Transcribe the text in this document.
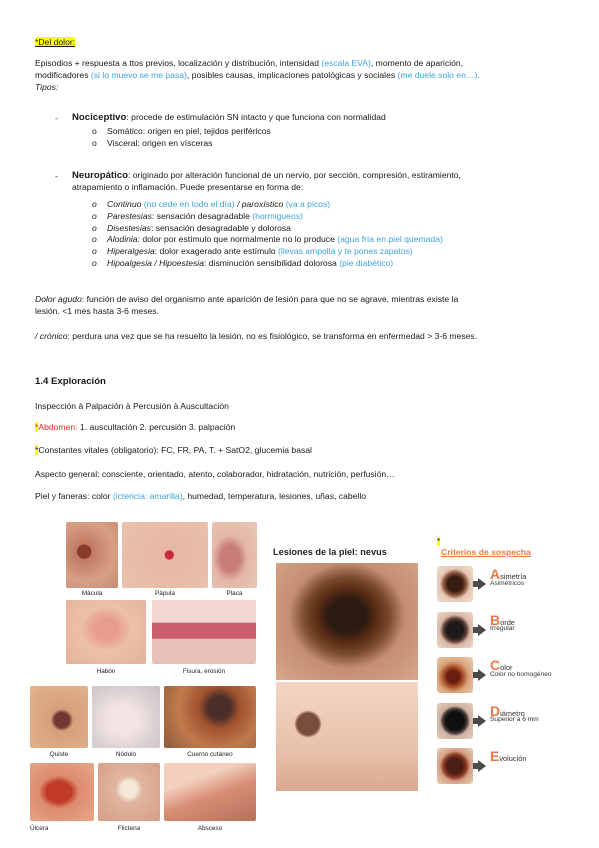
*Del dolor:
Episodios + respuesta a ttos previos, localización y distribución, intensidad (escala EVA), momento de aparición,
modificadores (si lo muevo se me pasa), posibles causas, implicaciones patológicas y sociales (me duele solo en…).
Tipos:
- Nociceptivo: procede de estimulación SN intacto y que funciona con normalidad
o Somático: origen en piel, tejidos periféricos
o Visceral: origen en vísceras
- Neuropático: originado por alteración funcional de un nervio, por sección, compresión, estiramiento,
atrapamiento o inflamación. Puede presentarse en forma de:
o Continuo (no cede en todo el día) / paroxístico (va a picos)
o Parestesias: sensación desagradable (hormigueos)
o Disestesias: sensación desagradable y dolorosa
o Alodinia: dolor por estímulo que normalmente no lo produce (agua fría en piel quemada)
o Hiperalgesia: dolor exagerado ante estímulo (llevas ampolla y te pones zapatos)
o Hipoalgesia / Hipoestesia: disminución sensibilidad dolorosa (pie diabético)
Dolor agudo: función de aviso del organismo ante aparición de lesión para que no se agrave, mientras existe la
lesión. <1 mes hasta 3-6 meses.
/ crónico: perdura una vez que se ha resuelto la lesión, no es fisiológico, se transforma en enfermedad > 3-6 meses.
1.4 Exploración
Inspección à Palpación à Percusión à Auscultación
*Abdomen: 1. auscultación 2. percusión 3. palpación
*Constantes vitales (obligatorio): FC, FR, PA, T. + SatO2, glucemia basal
Aspecto general: consciente, orientado, atento, colaborador, hidratación, nutrición, perfusión…
Piel y faneras: color (ictericia: amarilla), humedad, temperatura, lesiones, uñas, cabello
Mácula	Pápula	Placa
Habón	Fisura, erosión
Quiste	Nódulo	Cuerno cutáneo
Úlcera	Flictena	Absceso
Lesiones de la piel: nevus
*
Criterios de sospecha
Asimetría
Asimétricos
Borde
Irregular
Color
Color no homogéneo
Diámetro
Superior a 6 mm
Evolución
